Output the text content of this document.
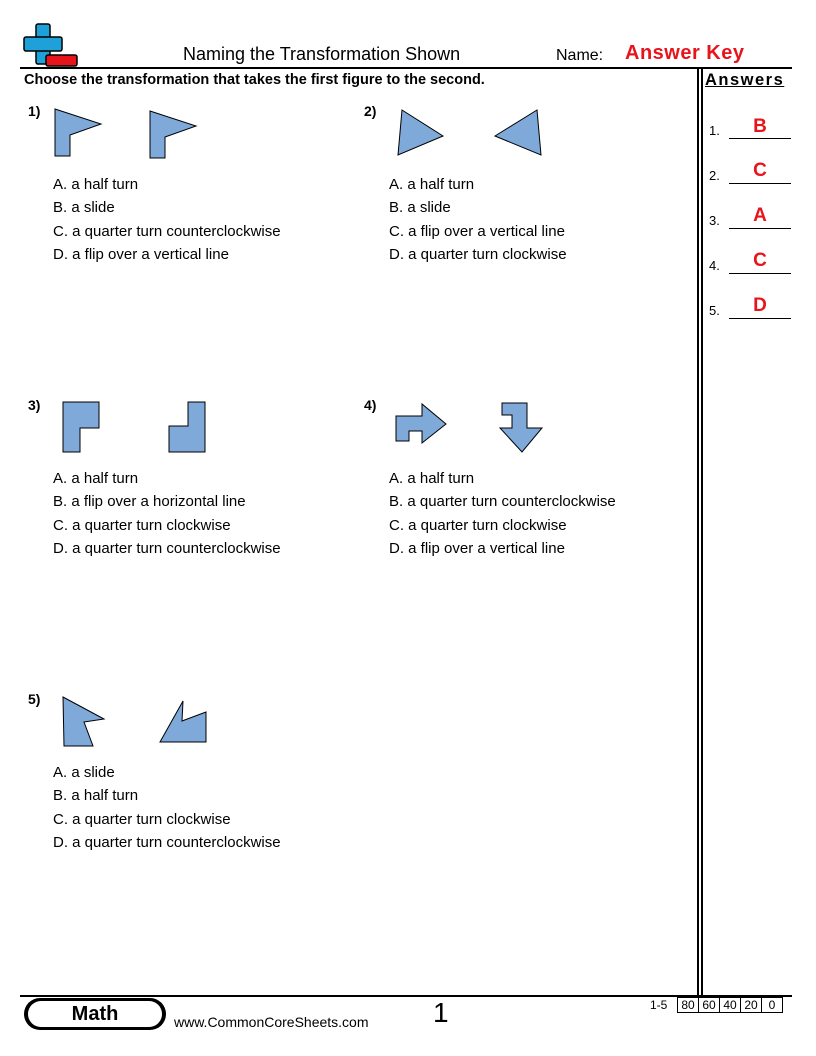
Naming the Transformation Shown	Name: Answer Key
Choose the transformation that takes the first figure to the second.	Answers
1)
A. a half turn
B. a slide
C. a quarter turn counterclockwise
D. a flip over a vertical line
2)
A. a half turn
B. a slide
C. a flip over a vertical line
D. a quarter turn clockwise
3)
A. a half turn
B. a flip over a horizontal line
C. a quarter turn clockwise
D. a quarter turn counterclockwise
4)
A. a half turn
B. a quarter turn counterclockwise
C. a quarter turn clockwise
D. a flip over a vertical line
5)
A. a slide
B. a half turn
C. a quarter turn clockwise
D. a quarter turn counterclockwise
1.	B
2.	C
3.	A
4.	C
5.	D
Math	www.CommonCoreSheets.com 1	1-5 80	60	40	20	0
